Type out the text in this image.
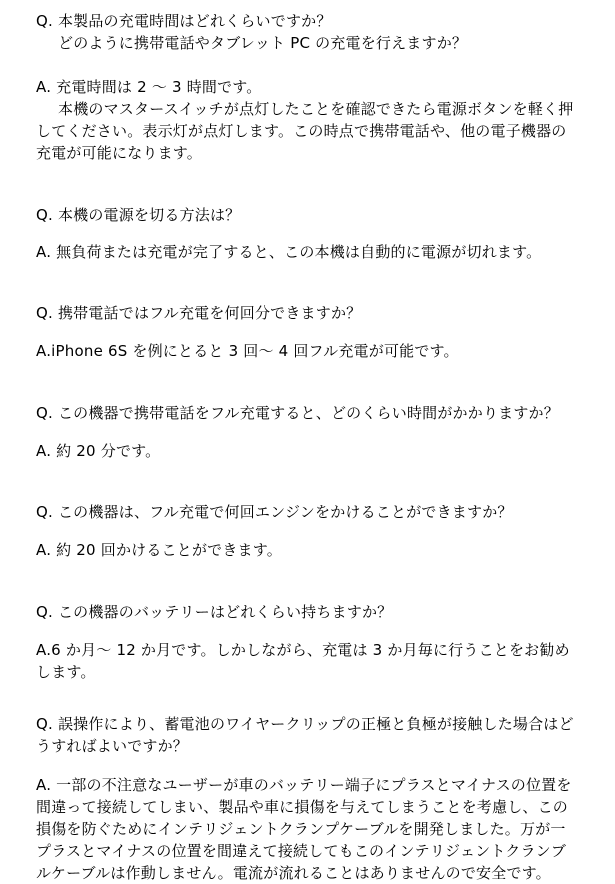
Q. 本製品の充電時間はどれくらいですか？
どのように携帯電話やタブレット PC の充電を行えますか？
A. 充電時間は 2 ～ 3 時間です。
本機のマスタースイッチが点灯したことを確認できたら電源ボタンを軽く押
してください。表示灯が点灯します。この時点で携帯電話や、他の電子機器の
充電が可能になります。
Q. 本機の電源を切る方法は？
A. 無負荷または充電が完了すると、この本機は自動的に電源が切れます。
Q. 携帯電話ではフル充電を何回分できますか？
A.iPhone 6S を例にとると 3 回～ 4 回フル充電が可能です。
Q. この機器で携帯電話をフル充電すると、どのくらい時間がかかりますか？
A. 約 20 分です。
Q. この機器は、フル充電で何回エンジンをかけることができますか？
A. 約 20 回かけることができます。
Q. この機器のバッテリーはどれくらい持ちますか？
A.6 か月～ 12 か月です。しかしながら、充電は 3 か月毎に行うことをお勧め
します。
Q. 誤操作により、蓄電池のワイヤークリップの正極と負極が接触した場合はど
うすればよいですか？
A. 一部の不注意なユーザーが車のバッテリー端子にプラスとマイナスの位置を
間違って接続してしまい、製品や車に損傷を与えてしまうことを考慮し、この
損傷を防ぐためにインテリジェントクランプケーブルを開発しました。万が一
プラスとマイナスの位置を間違えて接続してもこのインテリジェントクランブ
ルケーブルは作動しません。電流が流れることはありませんので安全です。
